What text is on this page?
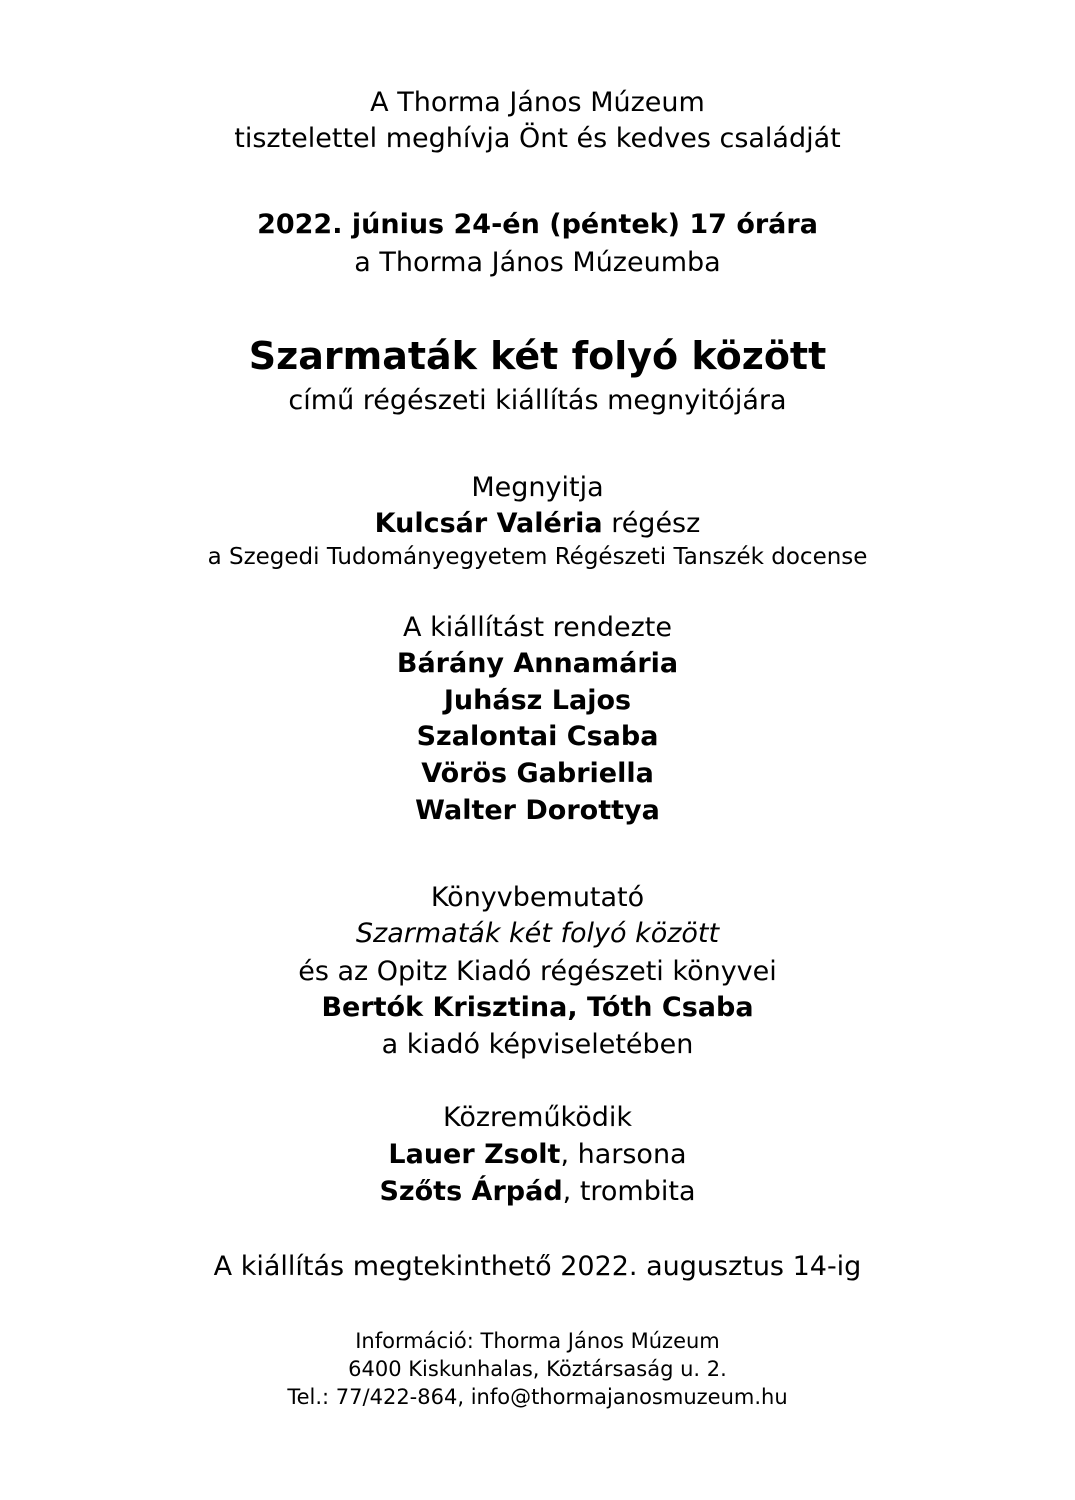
A Thorma János Múzeum
tisztelettel meghívja Önt és kedves családját
2022. június 24-én (péntek) 17 órára
a Thorma János Múzeumba
Szarmaták két folyó között
című régészeti kiállítás megnyitójára
Megnyitja
Kulcsár Valéria régész
a Szegedi Tudományegyetem Régészeti Tanszék docense
A kiállítást rendezte
Bárány Annamária
Juhász Lajos
Szalontai Csaba
Vörös Gabriella
Walter Dorottya
Könyvbemutató
Szarmaták két folyó között
és az Opitz Kiadó régészeti könyvei
Bertók Krisztina, Tóth Csaba
a kiadó képviseletében
Közreműködik
Lauer Zsolt, harsona
Szőts Árpád, trombita
A kiállítás megtekinthető 2022. augusztus 14-ig
Információ: Thorma János Múzeum
6400 Kiskunhalas, Köztársaság u. 2.
Tel.: 77/422-864, info@thormajanosmuzeum.hu
